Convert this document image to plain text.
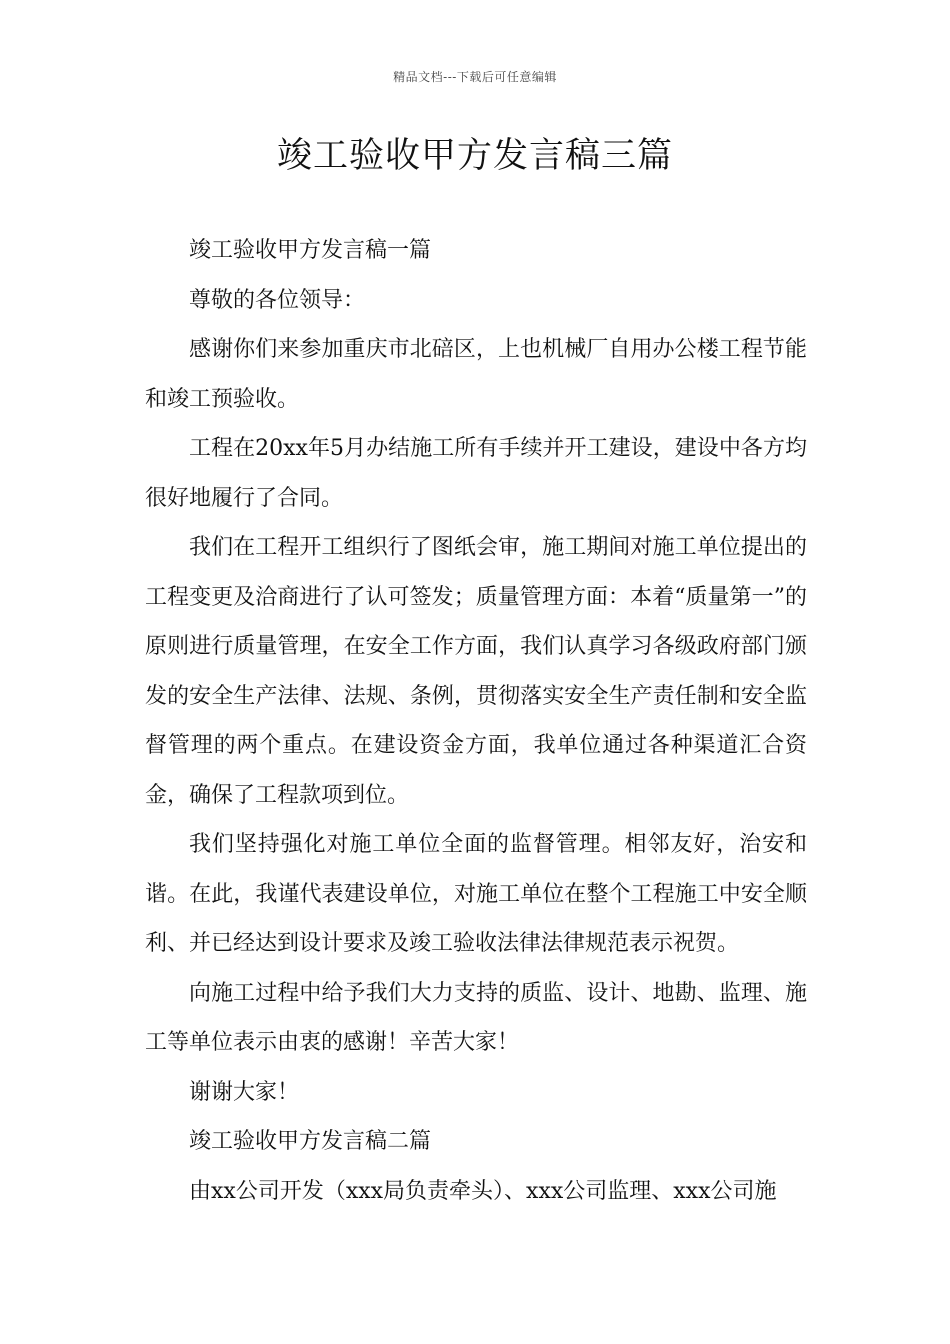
精品文档---下载后可任意编辑
竣工验收甲方发言稿三篇

竣工验收甲方发言稿一篇

尊敬的各位领导：

感谢你们来参加重庆市北碚区，上也机械厂自用办公楼工程节能和竣工预验收。

工程在20xx年5月办结施工所有手续并开工建设，建设中各方均很好地履行了合同。

我们在工程开工组织行了图纸会审，施工期间对施工单位提出的工程变更及洽商进行了认可签发；质量管理方面：本着“质量第一”的原则进行质量管理，在安全工作方面，我们认真学习各级政府部门颁发的安全生产法律、法规、条例，贯彻落实安全生产责任制和安全监督管理的两个重点。在建设资金方面，我单位通过各种渠道汇合资金，确保了工程款项到位。

我们坚持强化对施工单位全面的监督管理。相邻友好，治安和谐。在此，我谨代表建设单位，对施工单位在整个工程施工中安全顺利、并已经达到设计要求及竣工验收法律法律规范表示祝贺。

向施工过程中给予我们大力支持的质监、设计、地勘、监理、施工等单位表示由衷的感谢！辛苦大家！

谢谢大家！

竣工验收甲方发言稿二篇

由xx公司开发（xxx局负责牵头）、xxx公司监理、xxx公司施
